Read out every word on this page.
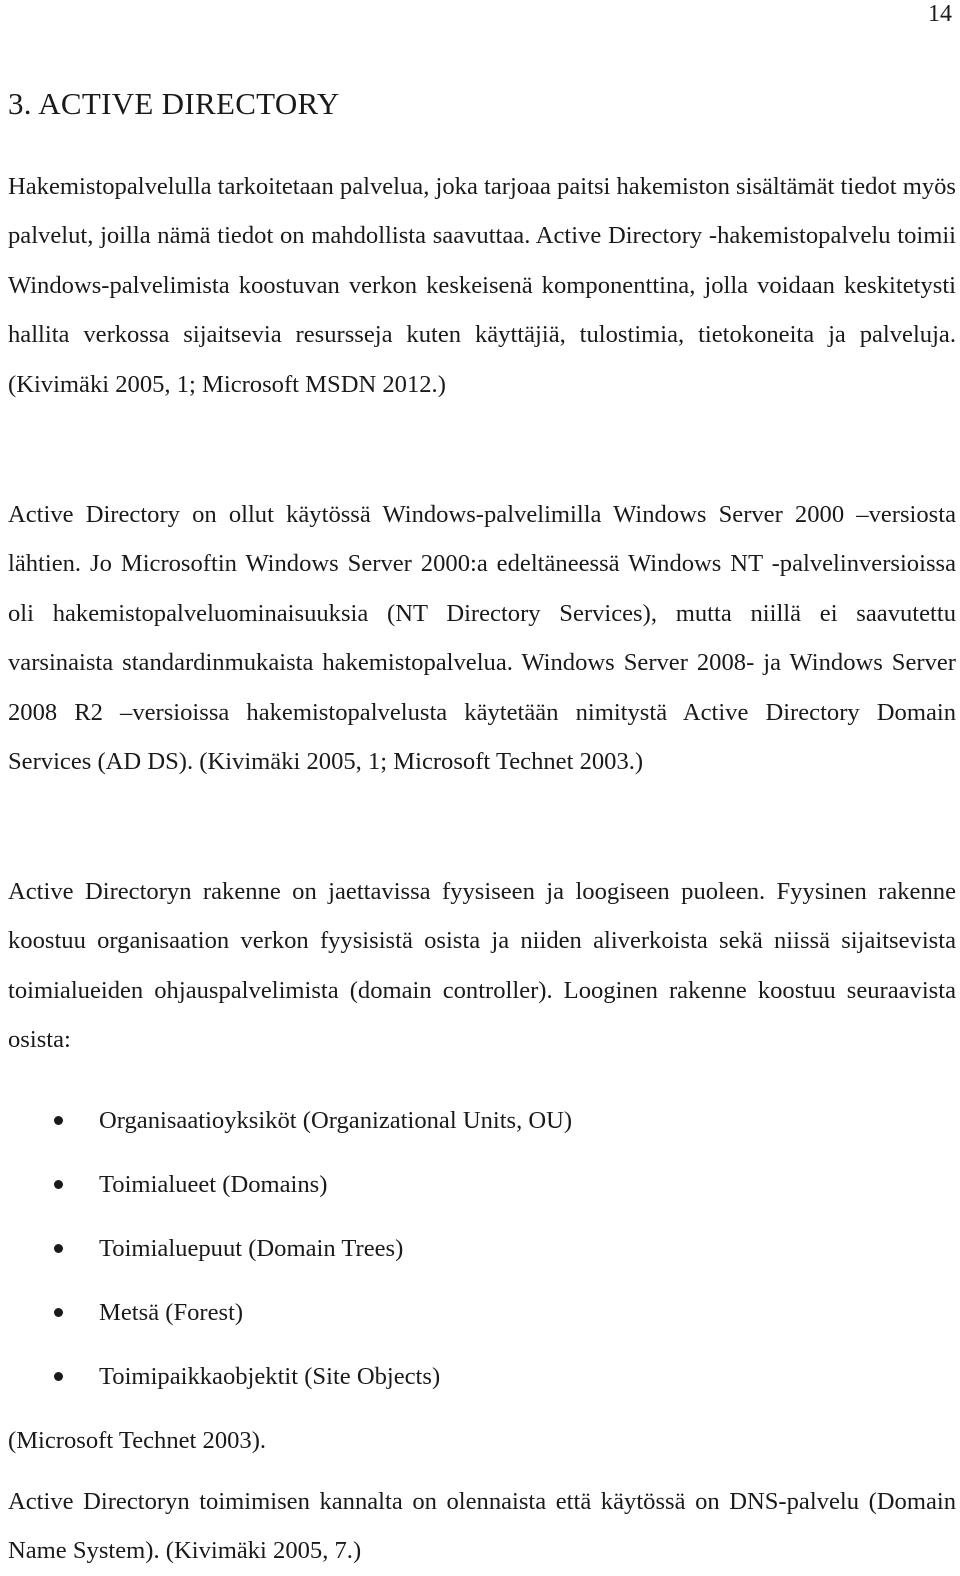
14
3. ACTIVE DIRECTORY

Hakemistopalvelulla tarkoitetaan palvelua, joka tarjoaa paitsi hakemiston sisältämät tiedot myös palvelut, joilla nämä tiedot on mahdollista saavuttaa. Active Directory -hakemistopalvelu toimii Windows-palvelimista koostuvan verkon keskeisenä komponenttina, jolla voidaan keskitetysti hallita verkossa sijaitsevia resursseja kuten käyttäjiä, tulostimia, tietokoneita ja palveluja. (Kivimäki 2005, 1; Microsoft MSDN 2012.)

Active Directory on ollut käytössä Windows-palvelimilla Windows Server 2000 –versiosta lähtien. Jo Microsoftin Windows Server 2000:a edeltäneessä Windows NT -palvelinversioissa oli hakemistopalveluominaisuuksia (NT Directory Services), mutta niillä ei saavutettu varsinaista standardinmukaista hakemistopalvelua. Windows Server 2008- ja Windows Server 2008 R2 –versioissa hakemistopalvelusta käytetään nimitystä Active Directory Domain Services (AD DS). (Kivimäki 2005, 1; Microsoft Technet 2003.)

Active Directoryn rakenne on jaettavissa fyysiseen ja loogiseen puoleen. Fyysinen rakenne koostuu organisaation verkon fyysisistä osista ja niiden aliverkoista sekä niissä sijaitsevista toimialueiden ohjauspalvelimista (domain controller). Looginen rakenne koostuu seuraavista osista:

Organisaatioyksiköt (Organizational Units, OU)
Toimialueet (Domains)
Toimialuepuut (Domain Trees)
Metsä (Forest)
Toimipaikkaobjektit (Site Objects)

(Microsoft Technet 2003).

Active Directoryn toimimisen kannalta on olennaista että käytössä on DNS-palvelu (Domain Name System). (Kivimäki 2005, 7.)
